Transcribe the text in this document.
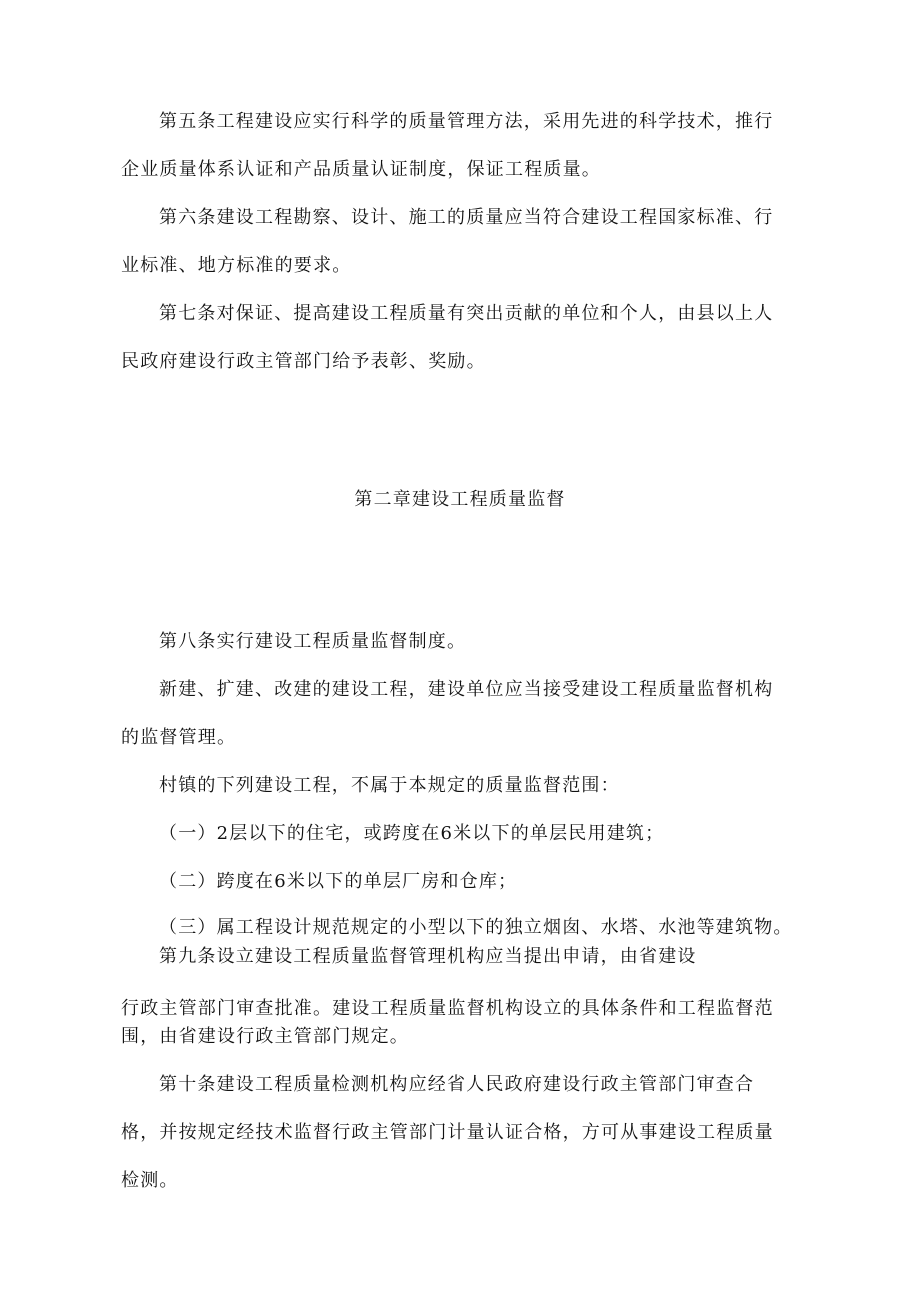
第五条工程建设应实行科学的质量管理方法，采用先进的科学技术，推行
企业质量体系认证和产品质量认证制度，保证工程质量。
第六条建设工程勘察、设计、施工的质量应当符合建设工程国家标准、行
业标准、地方标准的要求。
第七条对保证、提高建设工程质量有突出贡献的单位和个人，由县以上人
民政府建设行政主管部门给予表彰、奖励。
第二章建设工程质量监督
第八条实行建设工程质量监督制度。
新建、扩建、改建的建设工程，建设单位应当接受建设工程质量监督机构
的监督管理。
村镇的下列建设工程，不属于本规定的质量监督范围：
（一）2层以下的住宅，或跨度在6米以下的单层民用建筑；
（二）跨度在6米以下的单层厂房和仓库；
（三）属工程设计规范规定的小型以下的独立烟囱、水塔、水池等建筑物。
第九条设立建设工程质量监督管理机构应当提出申请，由省建设
行政主管部门审查批准。建设工程质量监督机构设立的具体条件和工程监督范
围，由省建设行政主管部门规定。
第十条建设工程质量检测机构应经省人民政府建设行政主管部门审查合
格，并按规定经技术监督行政主管部门计量认证合格，方可从事建设工程质量
检测。
